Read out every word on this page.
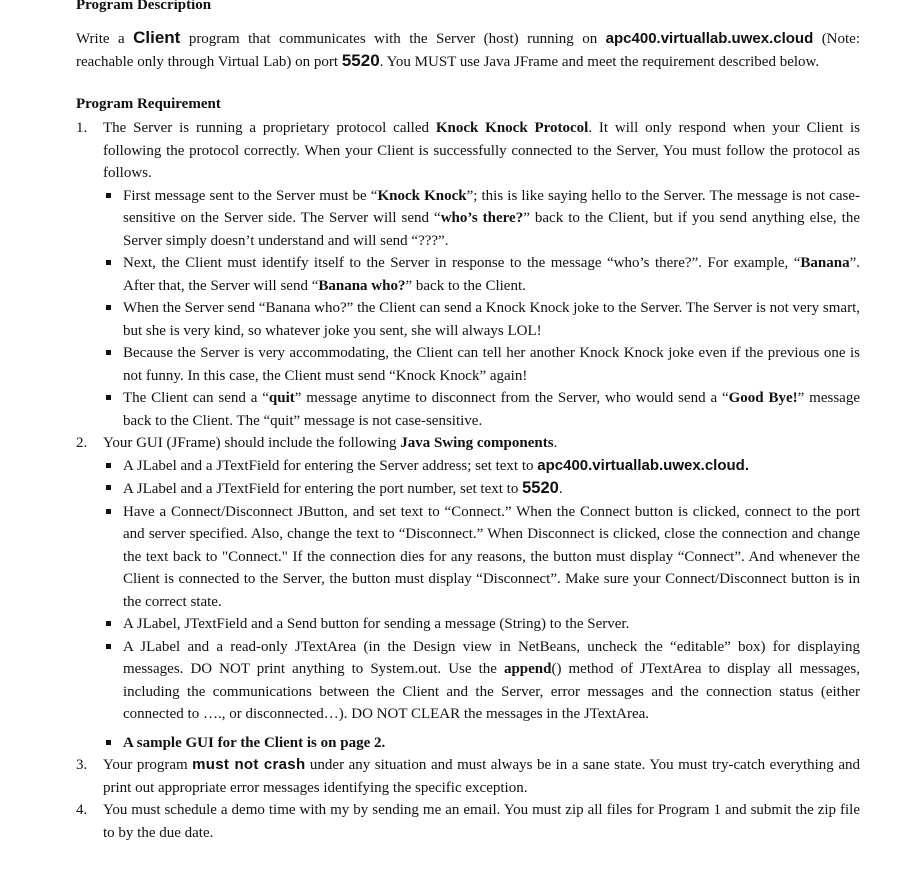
Program Description

Write a Client program that communicates with the Server (host) running on apc400.virtuallab.uwex.cloud (Note: reachable only through Virtual Lab) on port 5520. You MUST use Java JFrame and meet the requirement described below.

Program Requirement
1. The Server is running a proprietary protocol called Knock Knock Protocol. It will only respond when your Client is following the protocol correctly. When your Client is successfully connected to the Server, You must follow the protocol as follows.
First message sent to the Server must be “Knock Knock”; this is like saying hello to the Server. The message is not case-sensitive on the Server side. The Server will send “who’s there?” back to the Client, but if you send anything else, the Server simply doesn’t understand and will send “???”.
Next, the Client must identify itself to the Server in response to the message “who’s there?”. For example, “Banana”. After that, the Server will send “Banana who?” back to the Client.
When the Server send “Banana who?” the Client can send a Knock Knock joke to the Server. The Server is not very smart, but she is very kind, so whatever joke you sent, she will always LOL!
Because the Server is very accommodating, the Client can tell her another Knock Knock joke even if the previous one is not funny. In this case, the Client must send “Knock Knock” again!
The Client can send a “quit” message anytime to disconnect from the Server, who would send a “Good Bye!” message back to the Client. The “quit” message is not case-sensitive.
2. Your GUI (JFrame) should include the following Java Swing components.
A JLabel and a JTextField for entering the Server address; set text to apc400.virtuallab.uwex.cloud.
A JLabel and a JTextField for entering the port number, set text to 5520.
Have a Connect/Disconnect JButton, and set text to “Connect.” When the Connect button is clicked, connect to the port and server specified. Also, change the text to “Disconnect.” When Disconnect is clicked, close the connection and change the text back to "Connect." If the connection dies for any reasons, the button must display “Connect”. And whenever the Client is connected to the Server, the button must display “Disconnect”. Make sure your Connect/Disconnect button is in the correct state.
A JLabel, JTextField and a Send button for sending a message (String) to the Server.
A JLabel and a read-only JTextArea (in the Design view in NetBeans, uncheck the “editable” box) for displaying messages. DO NOT print anything to System.out. Use the append() method of JTextArea to display all messages, including the communications between the Client and the Server, error messages and the connection status (either connected to …., or disconnected…). DO NOT CLEAR the messages in the JTextArea.
A sample GUI for the Client is on page 2.
3. Your program must not crash under any situation and must always be in a sane state. You must try-catch everything and print out appropriate error messages identifying the specific exception.
4. You must schedule a demo time with my by sending me an email. You must zip all files for Program 1 and submit the zip file to by the due date.
